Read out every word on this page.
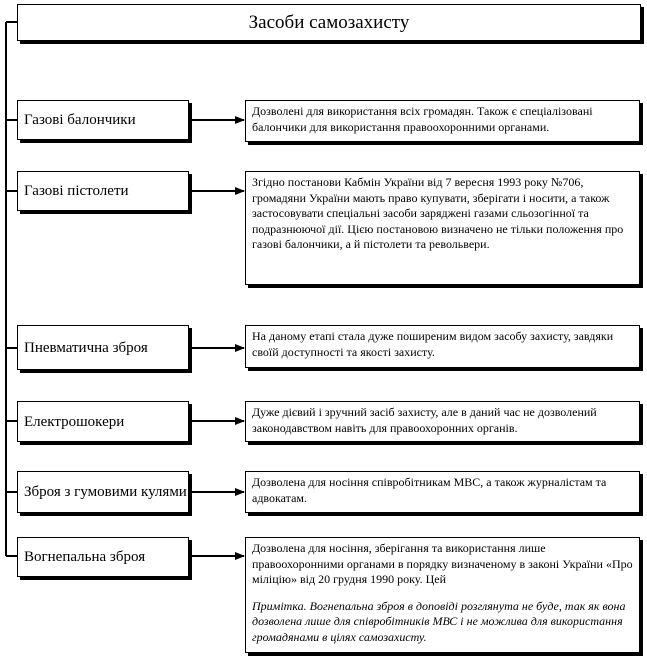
Засоби самозахисту
Газові балончики
Дозволені для використання всіх громадян. Також є спеціалізовані балончики для використання правоохоронними органами.
Газові пістолети
Згідно постанови Кабмін України від 7 вересня 1993 року №706, громадяни України мають право купувати, зберігати і носити, а також застосовувати спеціальні засоби заряджені газами сльозогінної та подразнюючої дії. Цією постановою визначено не тільки положення про газові балончики, а й пістолети та револьвери.
Пневматична зброя
На даному етапі стала дуже поширеним видом засобу захисту, завдяки своїй доступності та якості захисту.
Електрошокери
Дуже дієвий і зручний засіб захисту, але в даний час не дозволений законодавством навіть для правоохоронних органів.
Зброя з гумовими кулями
Дозволена для носіння співробітникам МВС, а також журналістам та адвокатам.
Вогнепальна зброя
Дозволена для носіння, зберігання та використання лише правоохоронними органами в порядку визначеному в законі України «Про міліцію» від 20 грудня 1990 року. Цей
Примітка. Вогнепальна зброя в доповіді розглянута не буде, так як вона дозволена лише для співробітників МВС і не можлива для використання громадянами в цілях самозахисту.
